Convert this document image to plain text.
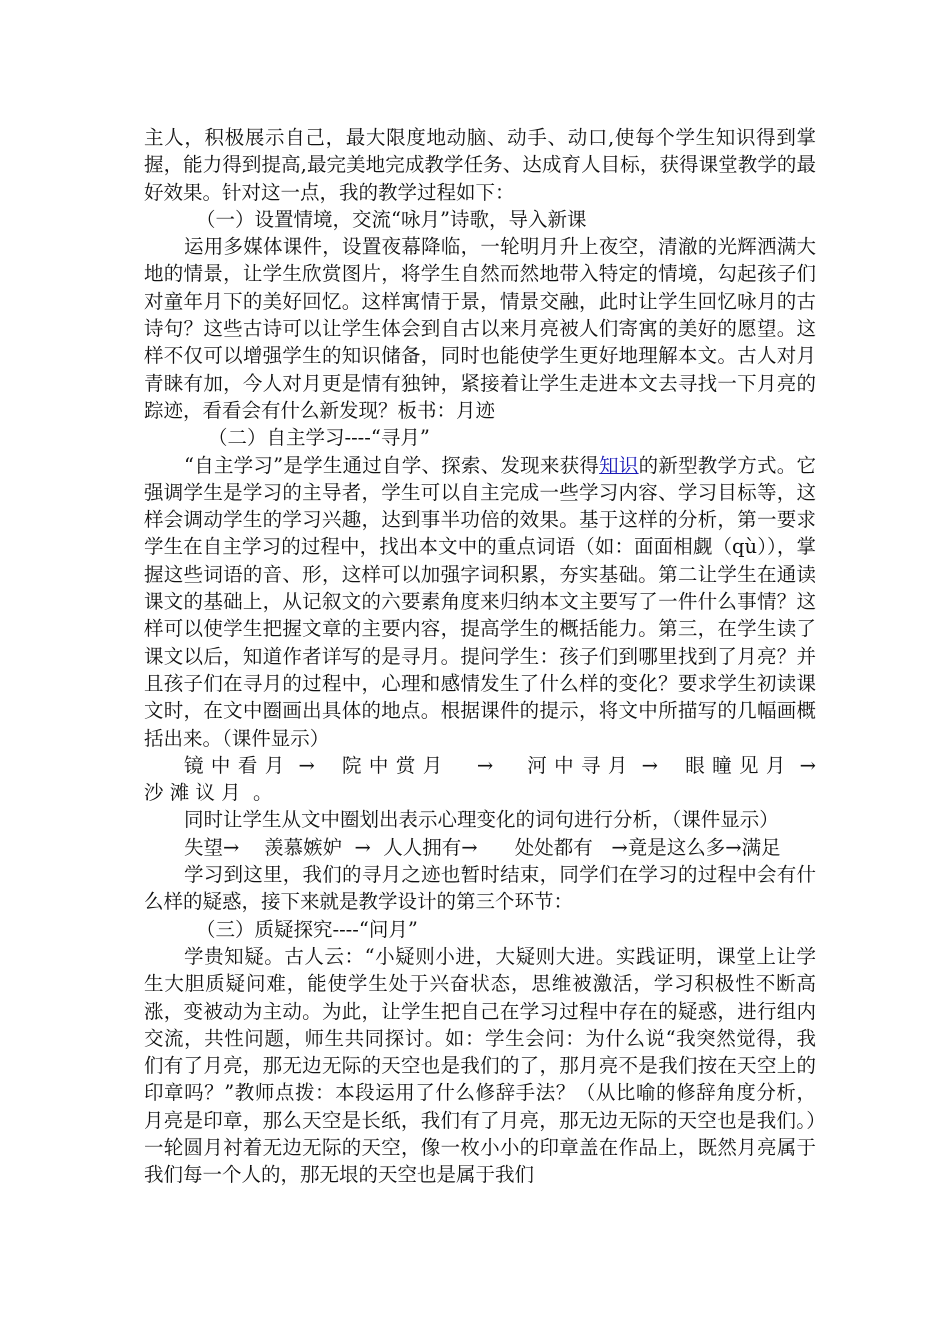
主人，积极展示自己，最大限度地动脑、动手、动口,使每个学生知识得到掌握，能力得到提高,最完美地完成教学任务、达成育人目标，获得课堂教学的最好效果。针对这一点，我的教学过程如下：

（一）设置情境，交流“咏月”诗歌，导入新课

运用多媒体课件，设置夜幕降临，一轮明月升上夜空，清澈的光辉洒满大地的情景，让学生欣赏图片，将学生自然而然地带入特定的情境，勾起孩子们对童年月下的美好回忆。这样寓情于景，情景交融，此时让学生回忆咏月的古诗句？这些古诗可以让学生体会到自古以来月亮被人们寄寓的美好的愿望。这样不仅可以增强学生的知识储备，同时也能使学生更好地理解本文。古人对月青睐有加，今人对月更是情有独钟，紧接着让学生走进本文去寻找一下月亮的踪迹，看看会有什么新发现？板书：月迹

（二）自主学习----“寻月”

“自主学习”是学生通过自学、探索、发现来获得知识的新型教学方式。它强调学生是学习的主导者，学生可以自主完成一些学习内容、学习目标等，这样会调动学生的学习兴趣，达到事半功倍的效果。基于这样的分析，第一要求学生在自主学习的过程中，找出本文中的重点词语（如：面面相觑（qù）），掌握这些词语的音、形，这样可以加强字词积累，夯实基础。第二让学生在通读课文的基础上，从记叙文的六要素角度来归纳本文主要写了一件什么事情？这样可以使学生把握文章的主要内容，提高学生的概括能力。第三，在学生读了课文以后，知道作者详写的是寻月。提问学生：孩子们到哪里找到了月亮？并且孩子们在寻月的过程中，心理和感情发生了什么样的变化？要求学生初读课文时，在文中圈画出具体的地点。根据课件的提示，将文中所描写的几幅画概括出来。（课件显示）

镜 中 看 月  →    院 中 赏 月     →     河 中 寻 月  →    眼 瞳 见 月  →    沙 滩 议 月  。

同时让学生从文中圈划出表示心理变化的词句进行分析，（课件显示）

失望→    羡慕嫉妒  →  人人拥有→      处处都有   →竟是这么多→满足

学习到这里，我们的寻月之迹也暂时结束，同学们在学习的过程中会有什么样的疑惑，接下来就是教学设计的第三个环节：

（三）质疑探究----“问月”

学贵知疑。古人云：“小疑则小进，大疑则大进。实践证明，课堂上让学生大胆质疑问难，能使学生处于兴奋状态，思维被激活，学习积极性不断高涨，变被动为主动。为此，让学生把自己在学习过程中存在的疑惑，进行组内交流，共性问题，师生共同探讨。如：学生会问：为什么说“我突然觉得，我们有了月亮，那无边无际的天空也是我们的了，那月亮不是我们按在天空上的印章吗？”教师点拨：本段运用了什么修辞手法？（从比喻的修辞角度分析，月亮是印章，那么天空是长纸，我们有了月亮，那无边无际的天空也是我们。）一轮圆月衬着无边无际的天空，像一枚小小的印章盖在作品上，既然月亮属于我们每一个人的，那无垠的天空也是属于我们
